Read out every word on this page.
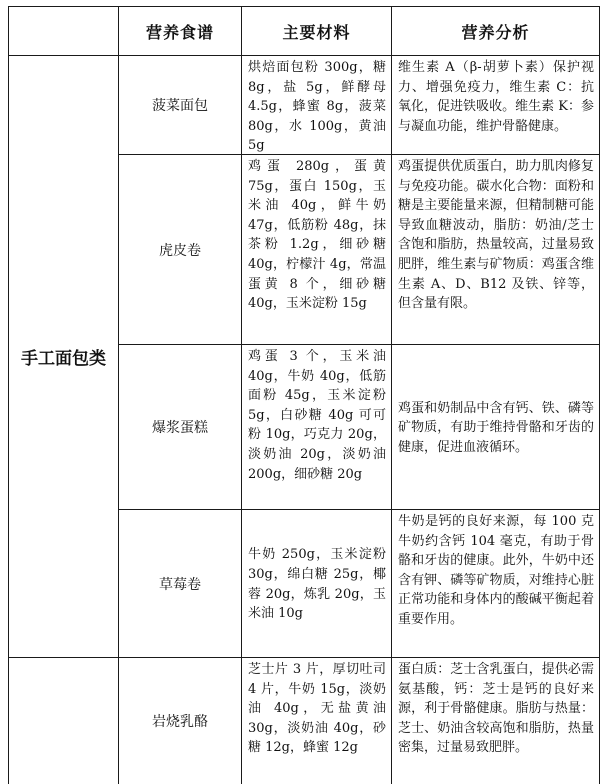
营养食谱	主要材料	营养分析
手工面包类
菠菜面包
烘焙面包粉 300g，糖 8g，盐 5g，鲜酵母 4.5g，蜂蜜 8g，菠菜 80g，水 100g，黄油 5g
维生素 A（β-胡萝卜素）保护视力、增强免疫力，维生素 C：抗氧化，促进铁吸收。维生素 K：参与凝血功能，维护骨骼健康。
虎皮卷
鸡蛋 280g，蛋黄 75g，蛋白 150g，玉米油 40g，鲜牛奶 47g，低筋粉 48g，抹茶粉 1.2g，细砂糖 40g，柠檬汁 4g，常温蛋黄 8 个，细砂糖 40g，玉米淀粉 15g
鸡蛋提供优质蛋白，助力肌肉修复与免疫功能。碳水化合物：面粉和糖是主要能量来源，但精制糖可能导致血糖波动，脂肪：奶油/芝士含饱和脂肪，热量较高，过量易致肥胖，维生素与矿物质：鸡蛋含维生素 A、D、B12 及铁、锌等，但含量有限。
爆浆蛋糕
鸡蛋 3 个，玉米油 40g，牛奶 40g，低筋面粉 45g，玉米淀粉 5g，白砂糖 40g 可可粉 10g，巧克力 20g，淡奶油 20g，淡奶油 200g，细砂糖 20g
鸡蛋和奶制品中含有钙、铁、磷等矿物质，有助于维持骨骼和牙齿的健康，促进血液循环。
草莓卷
牛奶 250g，玉米淀粉 30g，绵白糖 25g，椰蓉 20g，炼乳 20g，玉米油 10g
牛奶是钙的良好来源，每 100 克牛奶约含钙 104 毫克，有助于骨骼和牙齿的健康。此外，牛奶中还含有钾、磷等矿物质，对维持心脏正常功能和身体内的酸碱平衡起着重要作用。
岩烧乳酪
芝士片 3 片，厚切吐司 4 片，牛奶 15g，淡奶油 40g，无盐黄油 30g，淡奶油 40g，砂糖 12g，蜂蜜 12g
蛋白质：芝士含乳蛋白，提供必需氨基酸，钙：芝士是钙的良好来源，利于骨骼健康。脂肪与热量：芝士、奶油含较高饱和脂肪，热量密集，过量易致肥胖。
